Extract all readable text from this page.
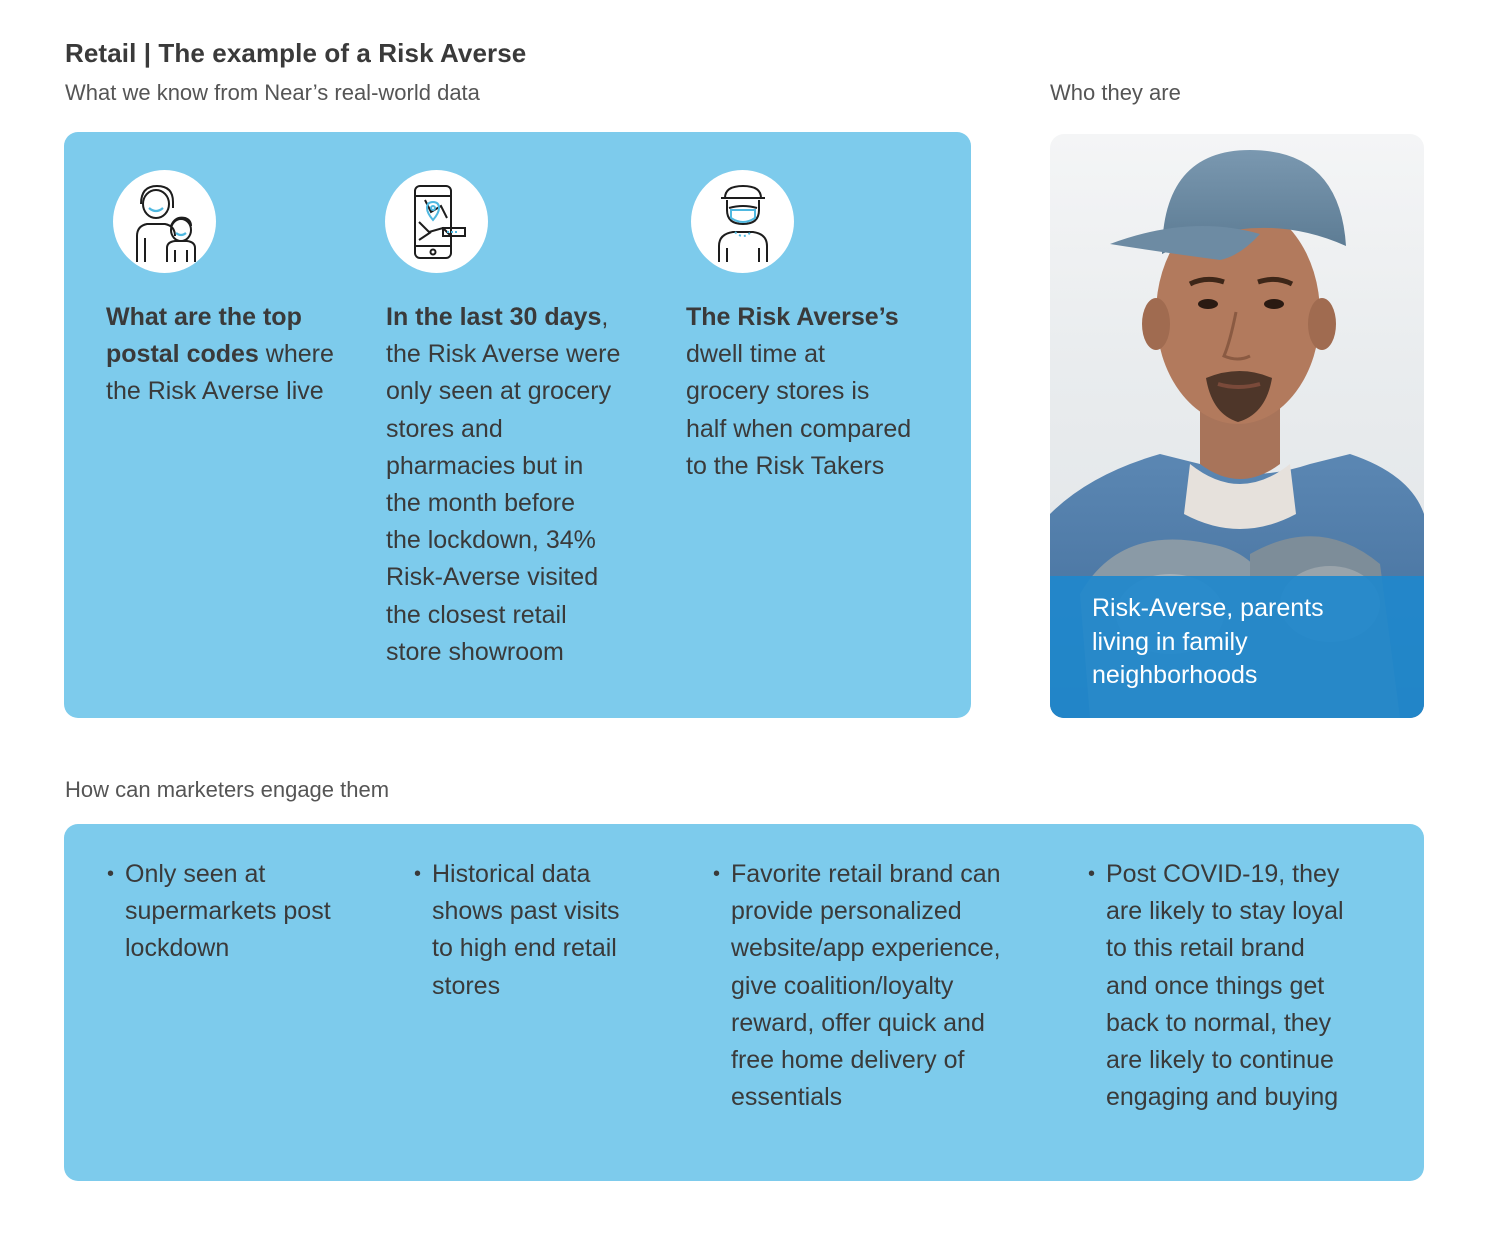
Retail | The example of a Risk Averse
What we know from Near’s real-world data	Who they are
What are the top
postal codes where
the Risk Averse live
In the last 30 days,
the Risk Averse were
only seen at grocery
stores and
pharmacies but in
the month before
the lockdown, 34%
Risk-Averse visited
the closest retail
store showroom
The Risk Averse’s
dwell time at
grocery stores is
half when compared
to the Risk Takers
Risk-Averse, parents
living in family
neighborhoods
How can marketers engage them
• Only seen at
supermarkets post
lockdown
• Historical data
shows past visits
to high end retail
stores
• Favorite retail brand can
provide personalized
website/app experience,
give coalition/loyalty
reward, offer quick and
free home delivery of
essentials
• Post COVID-19, they
are likely to stay loyal
to this retail brand
and once things get
back to normal, they
are likely to continue
engaging and buying
